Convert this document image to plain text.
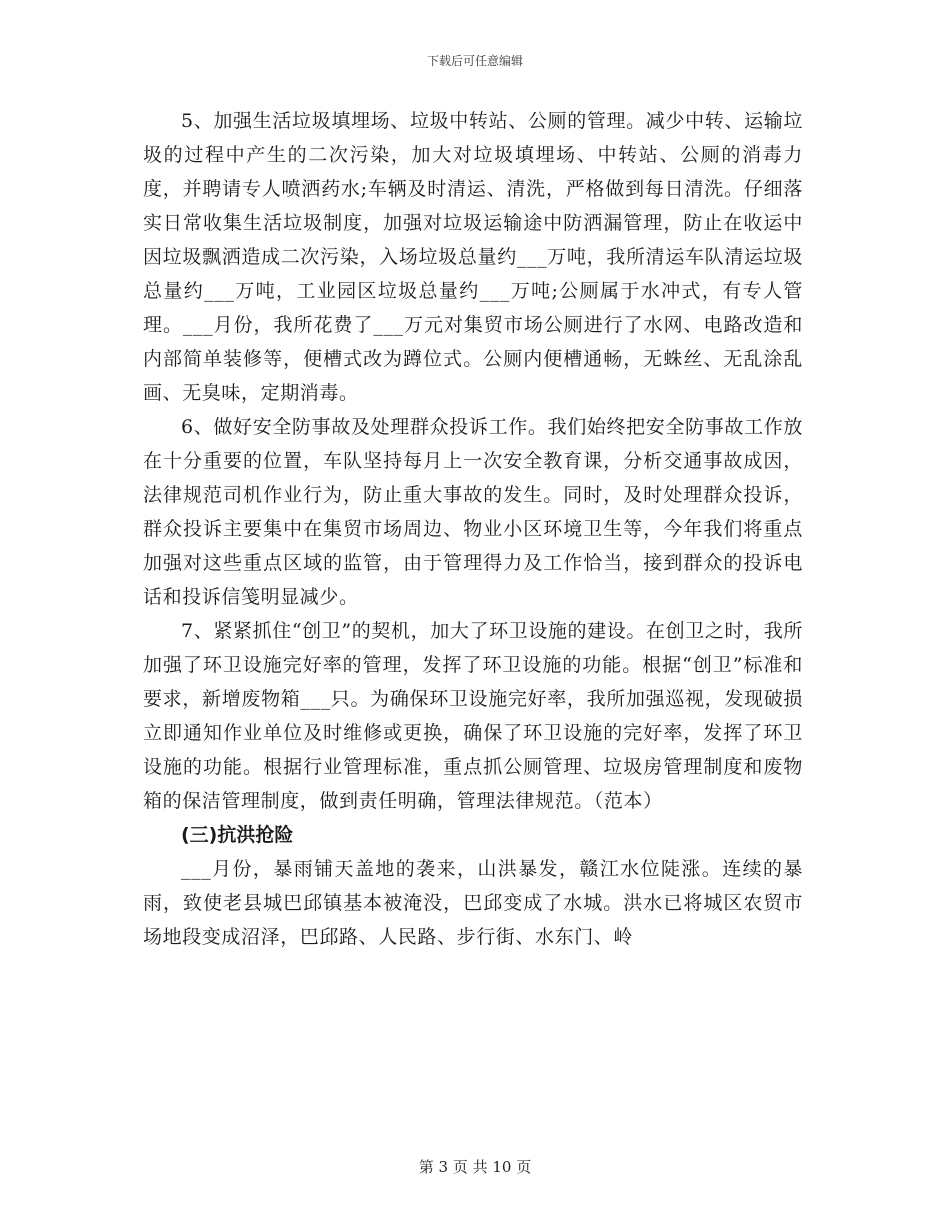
下载后可任意编辑

5、加强生活垃圾填埋场、垃圾中转站、公厕的管理。减少中转、运输垃圾的过程中产生的二次污染，加大对垃圾填埋场、中转站、公厕的消毒力度，并聘请专人喷洒药水;车辆及时清运、清洗，严格做到每日清洗。仔细落实日常收集生活垃圾制度，加强对垃圾运输途中防洒漏管理，防止在收运中因垃圾飘洒造成二次污染，入场垃圾总量约___万吨，我所清运车队清运垃圾总量约___万吨，工业园区垃圾总量约___万吨;公厕属于水冲式，有专人管理。___月份，我所花费了___万元对集贸市场公厕进行了水网、电路改造和内部简单装修等，便槽式改为蹲位式。公厕内便槽通畅，无蛛丝、无乱涂乱画、无臭味，定期消毒。

6、做好安全防事故及处理群众投诉工作。我们始终把安全防事故工作放在十分重要的位置，车队坚持每月上一次安全教育课，分析交通事故成因，法律规范司机作业行为，防止重大事故的发生。同时，及时处理群众投诉，群众投诉主要集中在集贸市场周边、物业小区环境卫生等，今年我们将重点加强对这些重点区域的监管，由于管理得力及工作恰当，接到群众的投诉电话和投诉信笺明显减少。

7、紧紧抓住“创卫”的契机，加大了环卫设施的建设。在创卫之时，我所加强了环卫设施完好率的管理，发挥了环卫设施的功能。根据“创卫”标准和要求，新增废物箱___只。为确保环卫设施完好率，我所加强巡视，发现破损立即通知作业单位及时维修或更换，确保了环卫设施的完好率，发挥了环卫设施的功能。根据行业管理标准，重点抓公厕管理、垃圾房管理制度和废物箱的保洁管理制度，做到责任明确，管理法律规范。（范本）

(三)抗洪抢险

___月份，暴雨铺天盖地的袭来，山洪暴发，赣江水位陡涨。连续的暴雨，致使老县城巴邱镇基本被淹没，巴邱变成了水城。洪水已将城区农贸市场地段变成沼泽，巴邱路、人民路、步行街、水东门、岭

第 3 页 共 10 页
